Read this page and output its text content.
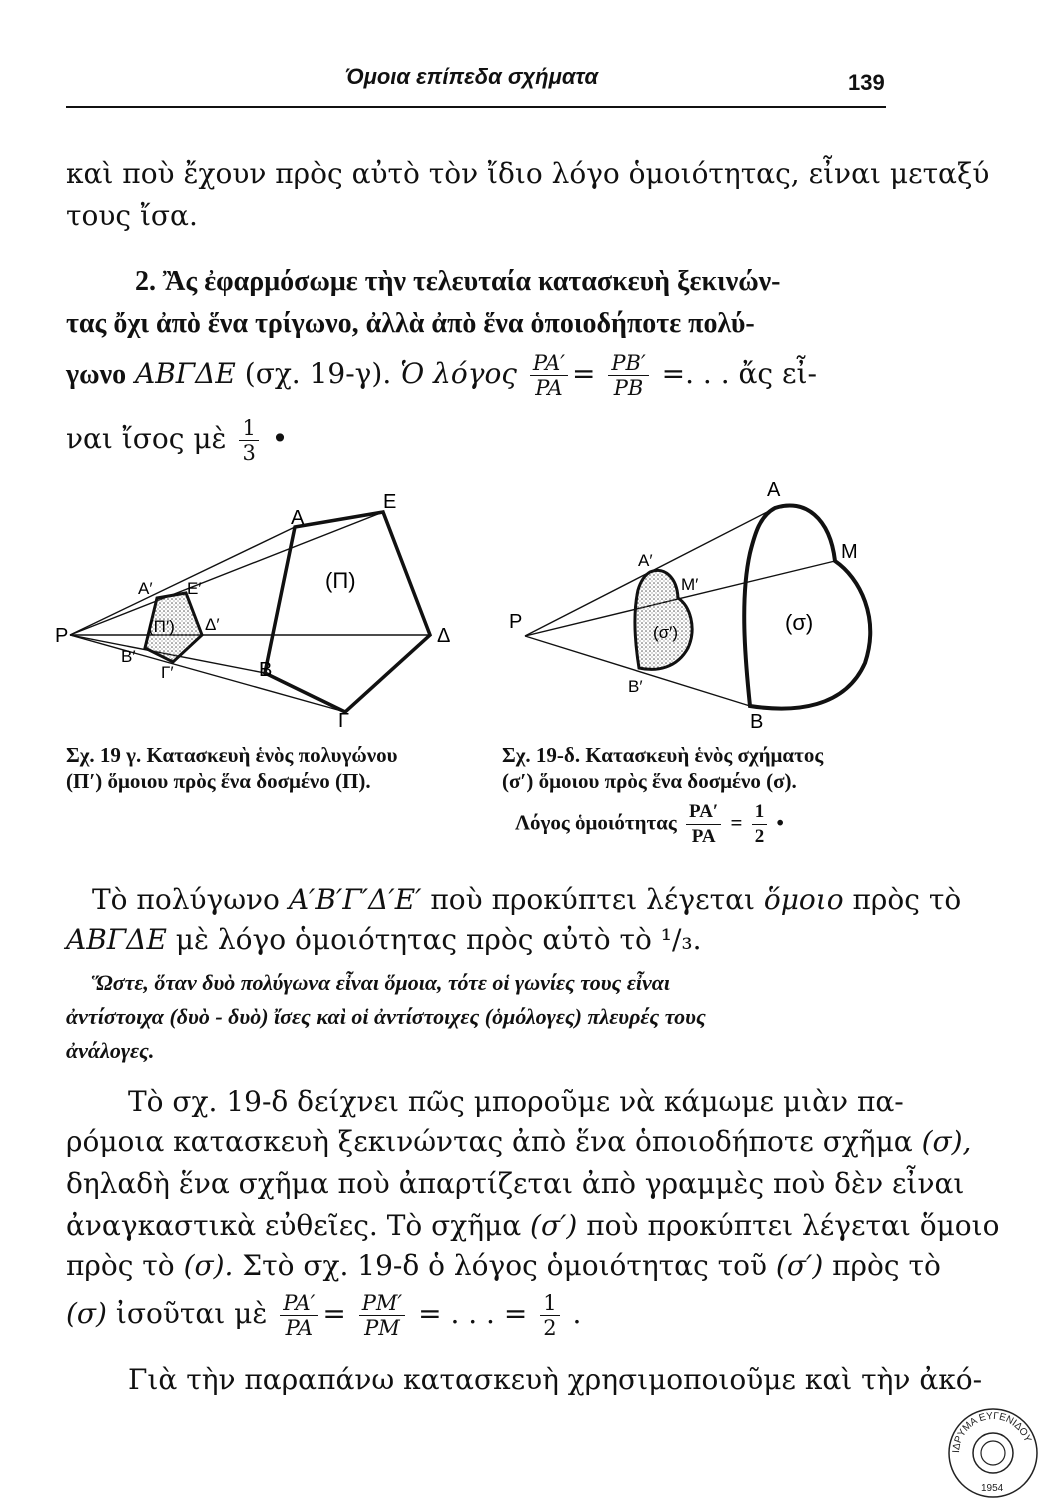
Όμοια επίπεδα σχήματα	139
καὶ ποὺ ἔχουν πρὸς αὐτὸ τὸν ἴδιο λόγο ὁμοιότητας, εἶναι μεταξύ
τους ἴσα.
2. Ἂς ἐφαρμόσωμε τὴν τελευταία κατασκευὴ ξεκινών-
τας ὄχι ἀπὸ ἕνα τρίγωνο, ἀλλὰ ἀπὸ ἕνα ὁποιοδήποτε πολύ-
γωνο ΑΒΓΔΕ (σχ. 19-γ). Ὁ λόγος $\frac{PA'}{PA} = \frac{PB'}{PB}$ =. . . ἄς εἶ-
ναι ἴσος μὲ $\frac{1}{3}$ •
P
A
E
Δ
B
Γ
A′ E′
Δ′
B′
Γ′
(Π)
(Π′)	P
A
M
B
A′
M′
B′
(σ)
(σ′)
Σχ. 19 γ. Κατασκευὴ ἑνὸς πολυγώνου
(Π′) ὅμοιου πρὸς ἕνα δοσμένο (Π).
Σχ. 19-δ. Κατασκευὴ ἑνὸς σχήματος
(σ′) ὅμοιου πρὸς ἕνα δοσμένο (σ).
Λόγος ὁμοιότητας $\frac{PA'}{PA} = \frac{1}{2}$ •
Τὸ πολύγωνο Α′Β′Γ′Δ′Ε′ ποὺ προκύπτει λέγεται ὅμοιο πρὸς τὸ
ΑΒΓΔΕ μὲ λόγο ὁμοιότητας πρὸς αὐτὸ τὸ ¹/₃.
Ὥστε, ὅταν δυὸ πολύγωνα εἶναι ὅμοια, τότε οἱ γωνίες τους εἶναι
ἀντίστοιχα (δυὸ - δυὸ) ἴσες καὶ οἱ ἀντίστοιχες (ὁμόλογες) πλευρές τους
ἀνάλογες.
Τὸ σχ. 19-δ δείχνει πῶς μποροῦμε νὰ κάμωμε μιὰν πα-
ρόμοια κατασκευὴ ξεκινώντας ἀπὸ ἕνα ὁποιοδήποτε σχῆμα (σ),
δηλαδὴ ἕνα σχῆμα ποὺ ἀπαρτίζεται ἀπὸ γραμμὲς ποὺ δὲν εἶναι
ἀναγκαστικὰ εὐθεῖες. Τὸ σχῆμα (σ′) ποὺ προκύπτει λέγεται ὅμοιο
πρὸς τὸ (σ). Στὸ σχ. 19-δ ὁ λόγος ὁμοιότητας τοῦ (σ′) πρὸς τὸ
(σ) ἰσοῦται μὲ $\frac{PA'}{PA} = \frac{PM'}{PM}$ = . . . = $\frac{1}{2}$ .
Γιὰ τὴν παραπάνω κατασκευὴ χρησιμοποιοῦμε καὶ τὴν ἀκό-
ΙΔΡΥΜΑ ΕΥΓΕΝΙΔΟΥ
1954
